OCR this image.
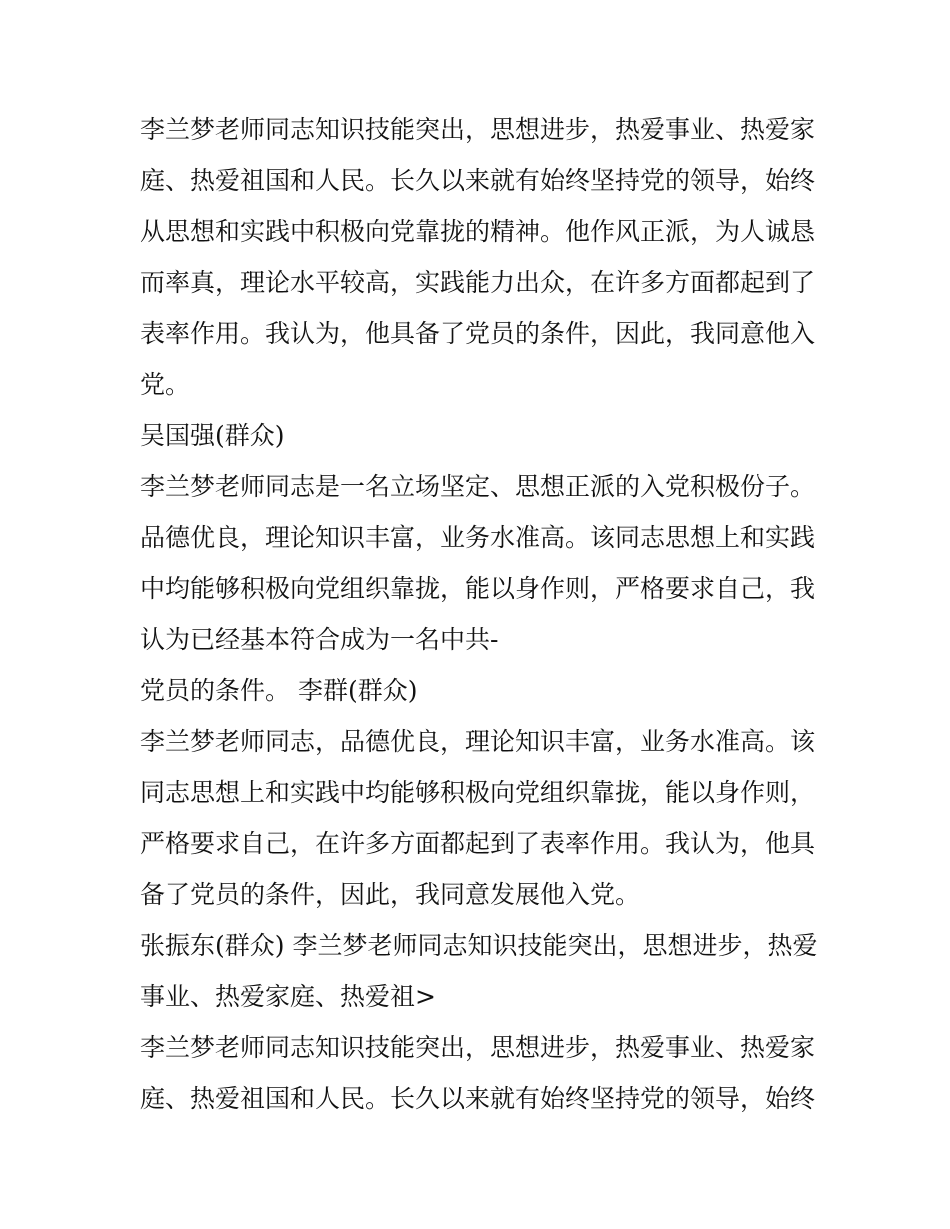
李兰梦老师同志知识技能突出，思想进步，热爱事业、热爱家
庭、热爱祖国和人民。长久以来就有始终坚持党的领导，始终
从思想和实践中积极向党靠拢的精神。他作风正派，为人诚恳
而率真，理论水平较高，实践能力出众，在许多方面都起到了
表率作用。我认为，他具备了党员的条件，因此，我同意他入
党。
吴国强(群众)
李兰梦老师同志是一名立场坚定、思想正派的入党积极份子。
品德优良，理论知识丰富，业务水准高。该同志思想上和实践
中均能够积极向党组织靠拢，能以身作则，严格要求自己，我
认为已经基本符合成为一名中共-
党员的条件。 李群(群众)
李兰梦老师同志，品德优良，理论知识丰富，业务水准高。该
同志思想上和实践中均能够积极向党组织靠拢，能以身作则，
严格要求自己，在许多方面都起到了表率作用。我认为，他具
备了党员的条件，因此，我同意发展他入党。
张振东(群众) 李兰梦老师同志知识技能突出，思想进步，热爱
事业、热爱家庭、热爱祖>
李兰梦老师同志知识技能突出，思想进步，热爱事业、热爱家
庭、热爱祖国和人民。长久以来就有始终坚持党的领导，始终
